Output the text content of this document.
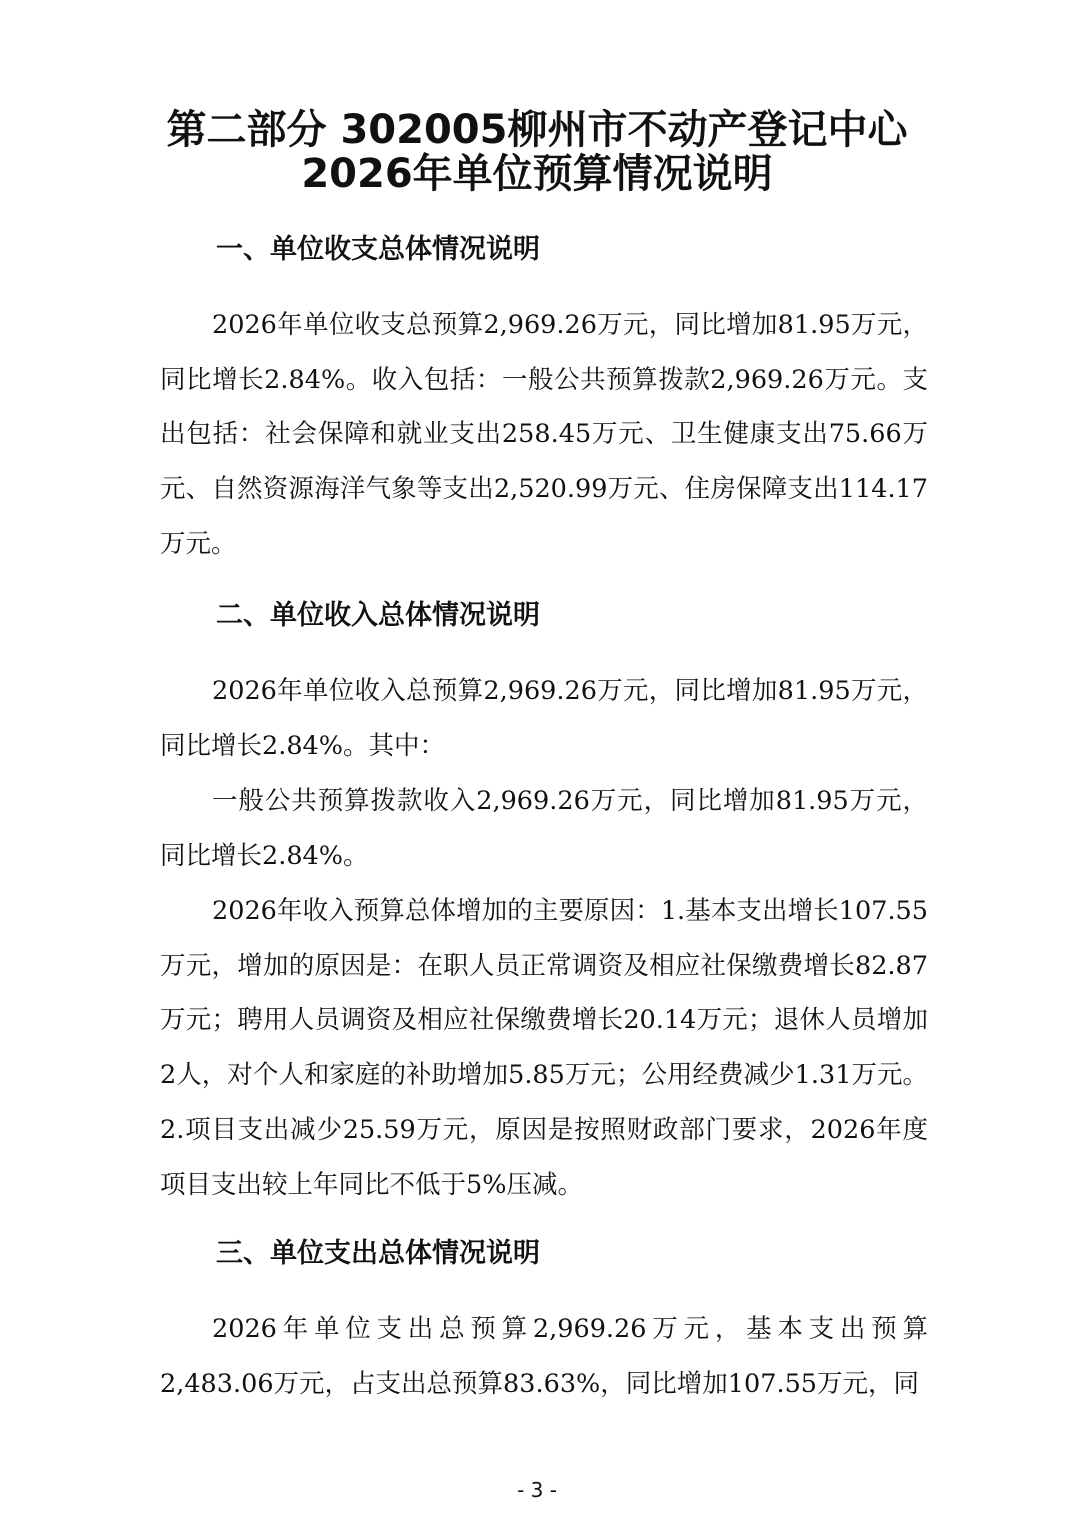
第二部分 302005柳州市不动产登记中心
2026年单位预算情况说明
一、单位收支总体情况说明

2026年单位收支总预算2,969.26万元，同比增加81.95万元，同比增长2.84%。收入包括：一般公共预算拨款2,969.26万元。支出包括：社会保障和就业支出258.45万元、卫生健康支出75.66万元、自然资源海洋气象等支出2,520.99万元、住房保障支出114.17万元。

二、单位收入总体情况说明

2026年单位收入总预算2,969.26万元，同比增加81.95万元，同比增长2.84%。其中：

一般公共预算拨款收入2,969.26万元，同比增加81.95万元，同比增长2.84%。

2026年收入预算总体增加的主要原因：1.基本支出增长107.55万元，增加的原因是：在职人员正常调资及相应社保缴费增长82.87万元；聘用人员调资及相应社保缴费增长20.14万元；退休人员增加2人，对个人和家庭的补助增加5.85万元；公用经费减少1.31万元。2.项目支出减少25.59万元，原因是按照财政部门要求，2026年度项目支出较上年同比不低于5%压减。

三、单位支出总体情况说明

2026年单位支出总预算2,969.26万元，基本支出预算2,483.06万元，占支出总预算83.63%，同比增加107.55万元，同

- 3 -
